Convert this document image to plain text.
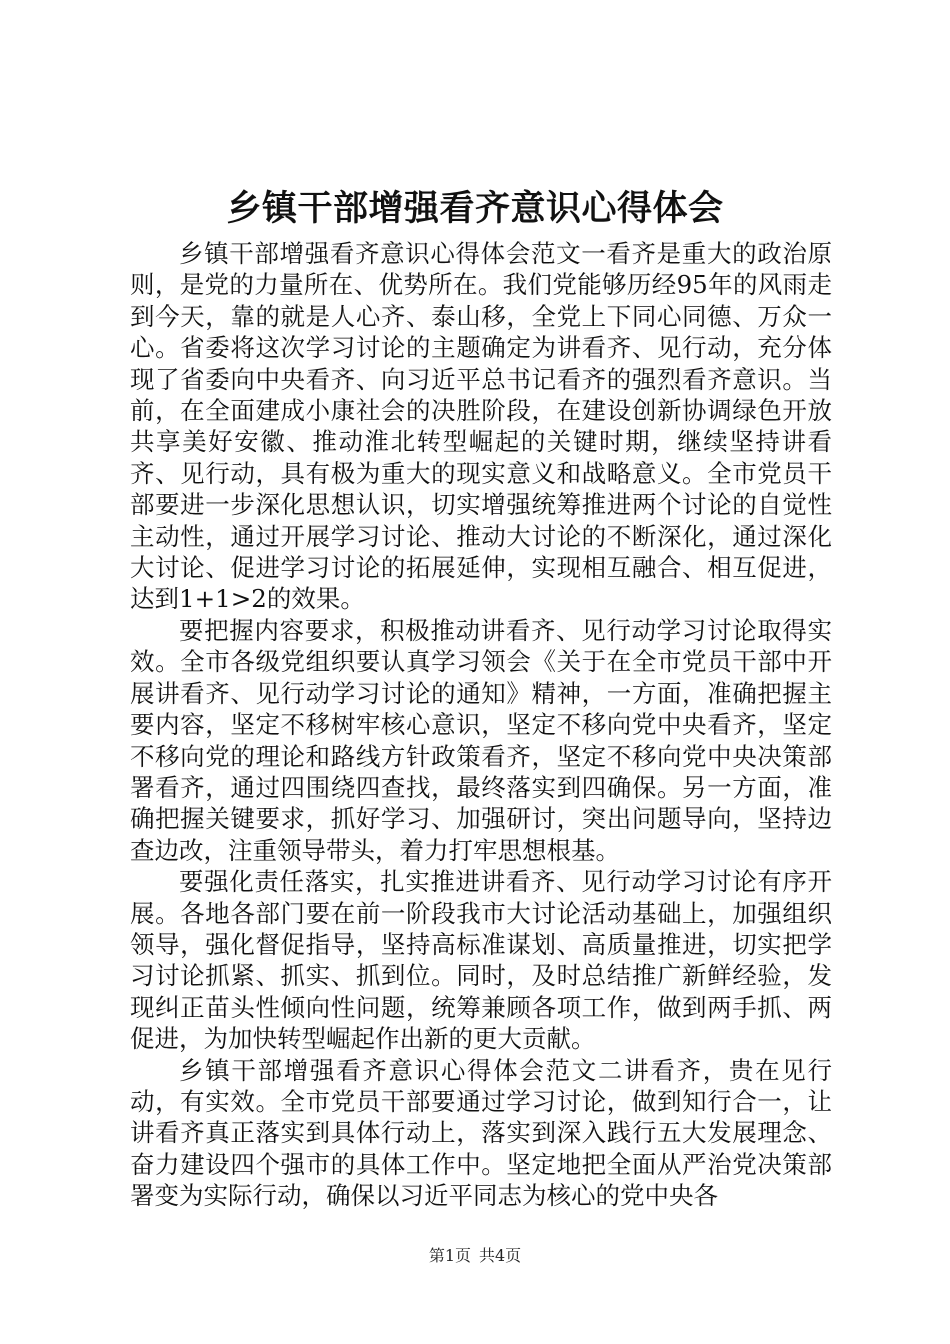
乡镇干部增强看齐意识心得体会

乡镇干部增强看齐意识心得体会范文一看齐是重大的政治原则，是党的力量所在、优势所在。我们党能够历经95年的风雨走到今天，靠的就是人心齐、泰山移，全党上下同心同德、万众一心。省委将这次学习讨论的主题确定为讲看齐、见行动，充分体现了省委向中央看齐、向习近平总书记看齐的强烈看齐意识。当前，在全面建成小康社会的决胜阶段，在建设创新协调绿色开放共享美好安徽、推动淮北转型崛起的关键时期，继续坚持讲看齐、见行动，具有极为重大的现实意义和战略意义。全市党员干部要进一步深化思想认识，切实增强统筹推进两个讨论的自觉性主动性，通过开展学习讨论、推动大讨论的不断深化，通过深化大讨论、促进学习讨论的拓展延伸，实现相互融合、相互促进，达到1+1>2的效果。

要把握内容要求，积极推动讲看齐、见行动学习讨论取得实效。全市各级党组织要认真学习领会《关于在全市党员干部中开展讲看齐、见行动学习讨论的通知》精神，一方面，准确把握主要内容，坚定不移树牢核心意识，坚定不移向党中央看齐，坚定不移向党的理论和路线方针政策看齐，坚定不移向党中央决策部署看齐，通过四围绕四查找，最终落实到四确保。另一方面，准确把握关键要求，抓好学习、加强研讨，突出问题导向，坚持边查边改，注重领导带头，着力打牢思想根基。

要强化责任落实，扎实推进讲看齐、见行动学习讨论有序开展。各地各部门要在前一阶段我市大讨论活动基础上，加强组织领导，强化督促指导，坚持高标准谋划、高质量推进，切实把学习讨论抓紧、抓实、抓到位。同时，及时总结推广新鲜经验，发现纠正苗头性倾向性问题，统筹兼顾各项工作，做到两手抓、两促进，为加快转型崛起作出新的更大贡献。

乡镇干部增强看齐意识心得体会范文二讲看齐，贵在见行动，有实效。全市党员干部要通过学习讨论，做到知行合一，让讲看齐真正落实到具体行动上，落实到深入践行五大发展理念、奋力建设四个强市的具体工作中。坚定地把全面从严治党决策部署变为实际行动，确保以习近平同志为核心的党中央各

第1页 共4页
